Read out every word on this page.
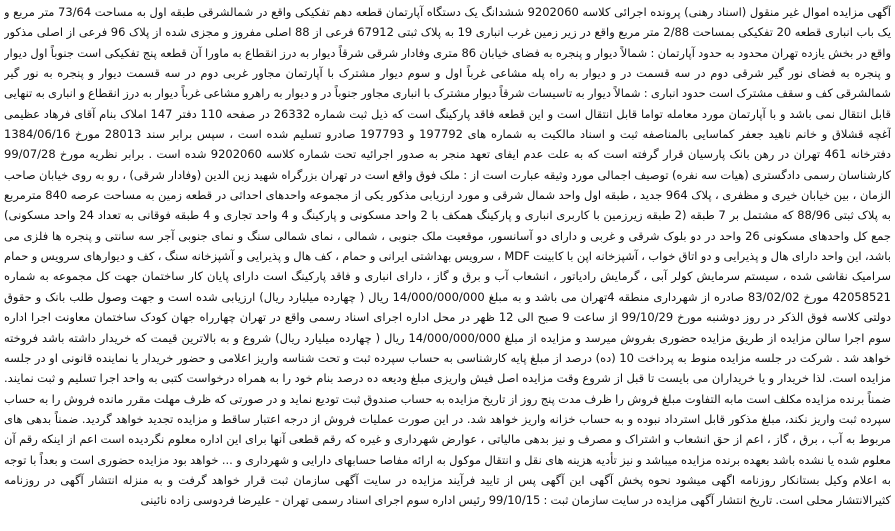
آگهی مزایده اموال غیر منقول (اسناد رهنی) پرونده اجرائی کلاسه 9202060 ششدانگ یک دستگاه آپارتمان قطعه دهم تفکیکی واقع در شمالشرقی طبقه اول به مساحت 73/64 متر مربع و یک باب انباری قطعه 20 تفکیکی بمساحت 2/88 متر مربع واقع در زیر زمین غرب انباری 19 به پلاک ثبتی 67912 فرعی از 88 اصلی مفروز و مجزی شده از پلاک 96 فرعی از اصلی مذکور واقع در بخش یازده تهران محدود به حدود آپارتمان : شمالاً دیوار و پنجره به فضای خیابان 86 متری وفادار شرقی شرقاً دیوار به درز انقطاع به ماورا آن قطعه پنج تفکیکی است جنوباً اول دیوار و پنجره به فضای نور گیر شرقی دوم در سه قسمت در و دیوار به راه پله مشاعی غرباً اول و سوم دیوار مشترک با آپارتمان مجاور غربی دوم در سه قسمت دیوار و پنجره به نور گیر شمالشرقی کف و سقف مشترک است حدود انباری : شمالاً دیوار به تاسیسات شرقاً دیوار مشترک با انباری مجاور جنوباً در و دیوار به راهرو مشاعی غرباً دیوار به درز انقطاع و انباری به تنهایی قابل انتقال نمی باشد و با آپارتمان مورد معامله تواما قابل انتقال است و این قطعه فاقد پارکینگ است که ذیل ثبت شماره 26332 در صفحه 110 دفتر 147 املاک بنام آقای فرهاد عظیمی آغچه قشلاق و خانم ناهید جعفر کماسایی بالمناصفه ثبت و اسناد مالکیت به شماره های 197792 و 197793 صادرو تسلیم شده است ، سپس برابر سند 28013 مورخ 1384/06/16 دفترخانه 461 تهران در رهن بانک پارسیان قرار گرفته است که به علت عدم ایفای تعهد منجر به صدور اجرائیه تحت شماره کلاسه 9202060 شده است . برابر نظریه مورخ 99/07/28 کارشناسان رسمی دادگستری (هیات سه نفره) توصیف اجمالی مورد وثیقه عبارت است از : ملک فوق واقع است در تهران بزرگراه شهید زین الدین (وفادار شرقی) ، رو به روی خیابان صاحب الزمان ، بین خیابان خیری و مظفری ، پلاک 964 جدید ، طبقه اول واحد شمال شرقی و مورد ارزیابی مذکور یکی از مجموعه واحدهای احداثی در قطعه زمین به مساحت عرصه 840 مترمربع به پلاک ثبتی 88/96 که مشتمل بر 7 طبقه (2 طبقه زیرزمین با کاربری انباری و پارکینگ همکف با 2 واحد مسکونی و پارکینگ و 4 واحد تجاری و 4 طبقه فوقانی به تعداد 24 واحد مسکونی) جمع کل واحدهای مسکونی 26 واحد در دو بلوک شرقی و غربی و دارای دو آسانسور، موقعیت ملک جنوبی ، شمالی ، نمای شمالی سنگ و نمای جنوبی آجر سه سانتی و پنجره ها فلزی می باشد، این واحد دارای هال و پذیرایی و دو اتاق خواب ، آشپزخانه اپن با کابینت MDF ، سرویس بهداشتی ایرانی و حمام ، کف هال و پذیرایی و آشپزخانه سنگ ، کف و دیوارهای سرویس و حمام سرامیک نقاشی شده ، سیستم سرمایش کولر آبی ، گرمایش رادیاتور ، انشعاب آب و برق و گاز ، دارای انباری و فاقد پارکینگ است دارای پایان کار ساختمان جهت کل مجموعه به شماره 42058521 مورخ 83/02/02 صادره از شهرداری منطقه 4تهران می باشد و به مبلغ 14/000/000/000 ریال ( چهارده میلیارد ریال) ارزیابی شده است و جهت وصول طلب بانک و حقوق دولتی کلاسه فوق الذکر در روز دوشنبه مورخ 99/10/29 از ساعت 9 صبح الی 12 ظهر در محل اداره اجرای اسناد رسمی واقع در تهران چهارراه جهان کودک ساختمان معاونت اجرا اداره سوم اجرا سالن مزایده از طریق مزایده حضوری بفروش میرسد و مزایده از مبلغ 14/000/000/000 ریال ( چهارده میلیارد ریال) شروع و به بالاترین قیمت که خریدار داشته باشد فروخته خواهد شد . شرکت در جلسه مزایده منوط به پرداخت 10 (ده) درصد از مبلغ پایه کارشناسی به حساب سپرده ثبت و تحت شناسه واریز اعلامی و حضور خریدار یا نماینده قانونی او در جلسه مزایده است. لذا خریدار و یا خریداران می بایست تا قبل از شروع وقت مزایده اصل فیش واریزی مبلغ ودیعه ده درصد بنام خود را به همراه درخواست کتبی به واحد اجرا تسلیم و ثبت نمایند. ضمناً برنده مزایده مکلف است مابه التفاوت مبلغ فروش را ظرف مدت پنج روز از تاریخ مزایده به حساب صندوق ثبت تودیع نماید و در صورتی که ظرف مهلت مقرر مانده فروش را به حساب سپرده ثبت واریز نکند، مبلغ مذکور قابل استرداد نبوده و به حساب خزانه واریز خواهد شد. در این صورت عملیات فروش از درجه اعتبار ساقط و مزایده تجدید خواهد گردید. ضمناً بدهی های مربوط به آب ، برق ، گاز ، اعم از حق انشعاب و اشتراک و مصرف و نیز بدهی مالیاتی ، عوارض شهرداری و غیره که رقم قطعی آنها برای این اداره معلوم نگردیده است اعم از اینکه رقم آن معلوم شده یا نشده باشد بعهده برنده مزایده میباشد و نیز تأدیه هزینه های نقل و انتقال موکول به ارائه مفاصا حسابهای دارایی و شهرداری و ... خواهد بود مزایده حضوری است و بعداً با توجه به اعلام وکیل بستانکار روزنامه اگهی میشود نحوه پخش آگهی این آگهی پس از تایید فرآیند مزایده در سایت آگهی سازمان ثبت قرار خواهد گرفت و به منزله انتشار آگهی در روزنامه کثیرالانتشار محلی است. تاریخ انتشار آگهی مزایده در سایت سازمان ثبت : 99/10/15 رئیس اداره سوم اجرای اسناد رسمی تهران - علیرضا فردوسی زاده نائینی
